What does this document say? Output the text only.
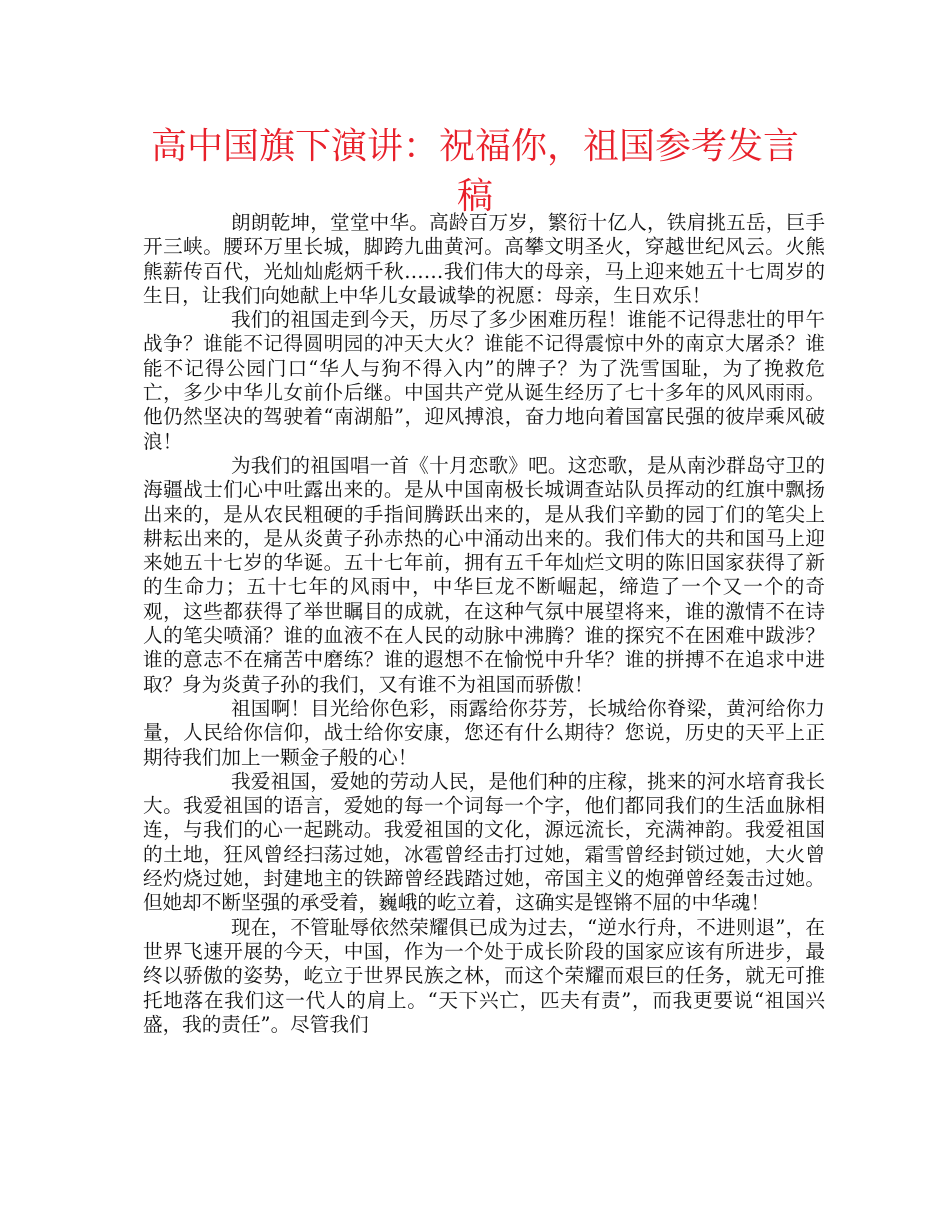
高中国旗下演讲：祝福你，祖国参考发言稿

朗朗乾坤，堂堂中华。高龄百万岁，繁衍十亿人，铁肩挑五岳，巨手开三峡。腰环万里长城，脚跨九曲黄河。高攀文明圣火，穿越世纪风云。火熊熊薪传百代，光灿灿彪炳千秋……我们伟大的母亲，马上迎来她五十七周岁的生日，让我们向她献上中华儿女最诚挚的祝愿：母亲，生日欢乐！

我们的祖国走到今天，历尽了多少困难历程！谁能不记得悲壮的甲午战争？谁能不记得圆明园的冲天大火？谁能不记得震惊中外的南京大屠杀？谁能不记得公园门口“华人与狗不得入内”的牌子？为了洗雪国耻，为了挽救危亡，多少中华儿女前仆后继。中国共产党从诞生经历了七十多年的风风雨雨。他仍然坚决的驾驶着“南湖船”，迎风搏浪，奋力地向着国富民强的彼岸乘风破浪！

为我们的祖国唱一首《十月恋歌》吧。这恋歌，是从南沙群岛守卫的海疆战士们心中吐露出来的。是从中国南极长城调查站队员挥动的红旗中飘扬出来的，是从农民粗硬的手指间腾跃出来的，是从我们辛勤的园丁们的笔尖上耕耘出来的，是从炎黄子孙赤热的心中涌动出来的。我们伟大的共和国马上迎来她五十七岁的华诞。五十七年前，拥有五千年灿烂文明的陈旧国家获得了新的生命力；五十七年的风雨中，中华巨龙不断崛起，缔造了一个又一个的奇观，这些都获得了举世瞩目的成就，在这种气氛中展望将来，谁的激情不在诗人的笔尖喷涌？谁的血液不在人民的动脉中沸腾？谁的探究不在困难中跋涉？谁的意志不在痛苦中磨练？谁的遐想不在愉悦中升华？谁的拼搏不在追求中进取？身为炎黄子孙的我们，又有谁不为祖国而骄傲！

祖国啊！目光给你色彩，雨露给你芬芳，长城给你脊梁，黄河给你力量，人民给你信仰，战士给你安康，您还有什么期待？您说，历史的天平上正期待我们加上一颗金子般的心！

我爱祖国，爱她的劳动人民，是他们种的庄稼，挑来的河水培育我长大。我爱祖国的语言，爱她的每一个词每一个字，他们都同我们的生活血脉相连，与我们的心一起跳动。我爱祖国的文化，源远流长，充满神韵。我爱祖国的土地，狂风曾经扫荡过她，冰雹曾经击打过她，霜雪曾经封锁过她，大火曾经灼烧过她，封建地主的铁蹄曾经践踏过她，帝国主义的炮弹曾经轰击过她。但她却不断坚强的承受着，巍峨的屹立着，这确实是铿锵不屈的中华魂！

现在，不管耻辱依然荣耀俱已成为过去，“逆水行舟，不进则退”，在世界飞速开展的今天，中国，作为一个处于成长阶段的国家应该有所进步，最终以骄傲的姿势，屹立于世界民族之林，而这个荣耀而艰巨的任务，就无可推托地落在我们这一代人的肩上。“天下兴亡，匹夫有责”，而我更要说“祖国兴盛，我的责任”。尽管我们
